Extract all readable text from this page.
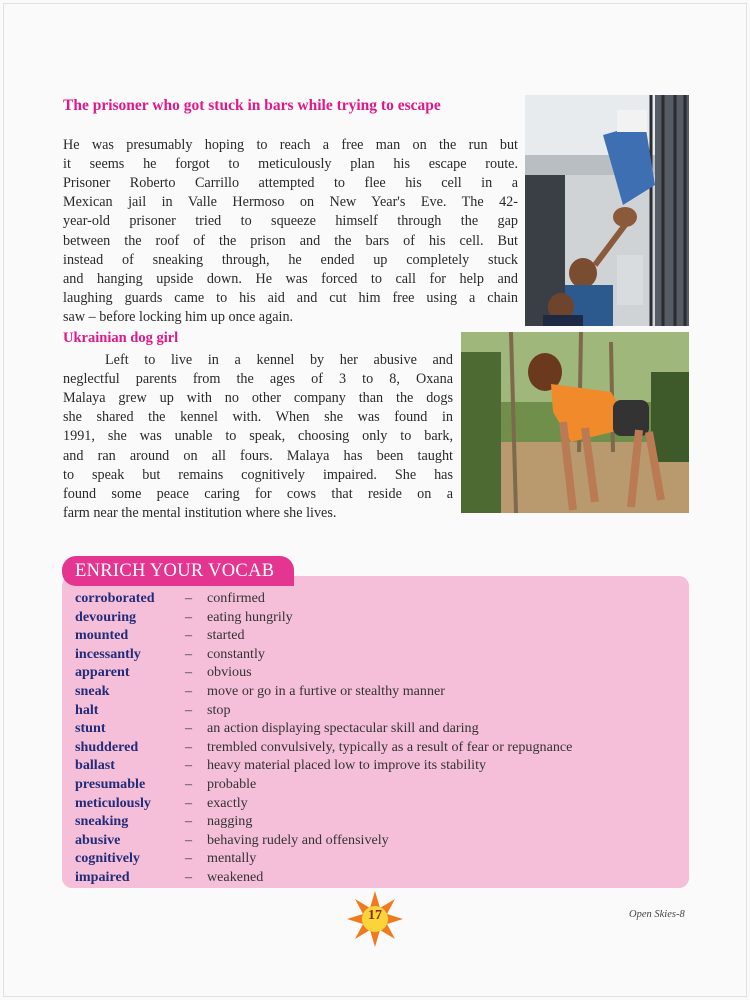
The prisoner who got stuck in bars while trying to escape
He was presumably hoping to reach a free man on the run but
it seems he forgot to meticulously plan his escape route.
Prisoner Roberto Carrillo attempted to flee his cell in a
Mexican jail in Valle Hermoso on New Year's Eve. The 42-
year-old prisoner tried to squeeze himself through the gap
between the roof of the prison and the bars of his cell. But
instead of sneaking through, he ended up completely stuck
and hanging upside down. He was forced to call for help and
laughing guards came to his aid and cut him free using a chain
saw – before locking him up once again.
Ukrainian dog girl
Left to live in a kennel by her abusive and
neglectful parents from the ages of 3 to 8, Oxana
Malaya grew up with no other company than the dogs
she shared the kennel with. When she was found in
1991, she was unable to speak, choosing only to bark,
and ran around on all fours. Malaya has been taught
to speak but remains cognitively impaired. She has
found some peace caring for cows that reside on a
farm near the mental institution where she lives.
ENRICH YOUR VOCAB
corroborated – confirmed
devouring	– eating hungrily
mounted	– started
incessantly	– constantly
apparent	– obvious
sneak	– move or go in a furtive or stealthy manner
halt	– stop
stunt	– an action displaying spectacular skill and daring
shuddered	– trembled convulsively, typically as a result of fear or repugnance
ballast	– heavy material placed low to improve its stability
presumable	– probable
meticulously – exactly
sneaking	– nagging
abusive	– behaving rudely and offensively
cognitively	– mentally
impaired	– weakened
17	Open Skies-8
